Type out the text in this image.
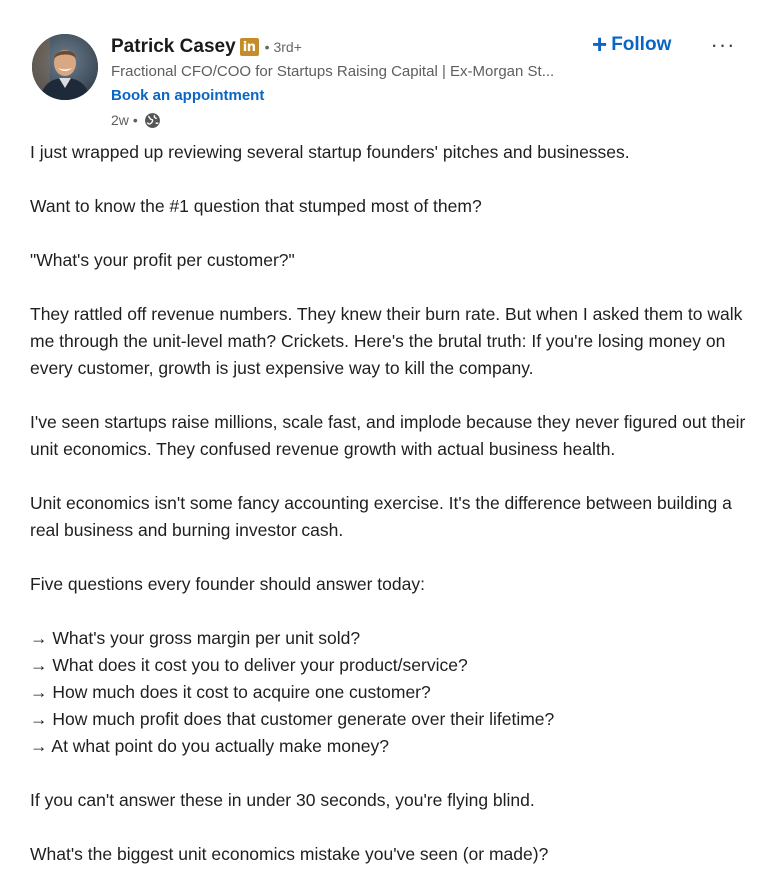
Patrick Casey in • 3rd+
Fractional CFO/COO for Startups Raising Capital | Ex-Morgan St...
Book an appointment
2w •
+ Follow ···

I just wrapped up reviewing several startup founders' pitches and businesses.

Want to know the #1 question that stumped most of them?

"What's your profit per customer?"

They rattled off revenue numbers. They knew their burn rate. But when I asked them to walk me through the unit-level math? Crickets. Here's the brutal truth: If you're losing money on every customer, growth is just expensive way to kill the company.

I've seen startups raise millions, scale fast, and implode because they never figured out their unit economics. They confused revenue growth with actual business health.

Unit economics isn't some fancy accounting exercise. It's the difference between building a real business and burning investor cash.

Five questions every founder should answer today:

→ What's your gross margin per unit sold?
→ What does it cost you to deliver your product/service?
→ How much does it cost to acquire one customer?
→ How much profit does that customer generate over their lifetime?
→ At what point do you actually make money?

If you can't answer these in under 30 seconds, you're flying blind.

What's the biggest unit economics mistake you've seen (or made)?
